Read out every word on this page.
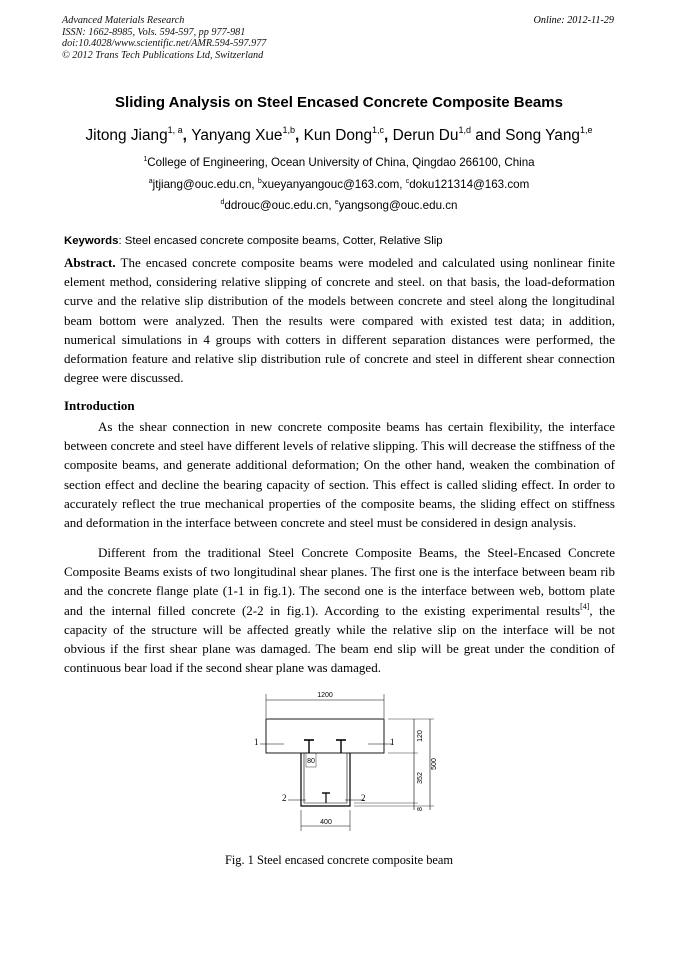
Advanced Materials Research
ISSN: 1662-8985, Vols. 594-597, pp 977-981
doi:10.4028/www.scientific.net/AMR.594-597.977
© 2012 Trans Tech Publications Ltd, Switzerland
Online: 2012-11-29
Sliding Analysis on Steel Encased Concrete Composite Beams
Jitong Jiang$^{1, a}$, Yanyang Xue$^{1,b}$, Kun Dong$^{1,c}$, Derun Du$^{1,d}$ and Song Yang$^{1,e}$
$^1$College of Engineering, Ocean University of China, Qingdao 266100, China
$^a$jtjiang@ouc.edu.cn, $^b$xueyanyangouc@163.com, $^c$doku121314@163.com
$^d$ddrouc@ouc.edu.cn, $^e$yangsong@ouc.edu.cn
Keywords: Steel encased concrete composite beams, Cotter, Relative Slip
Abstract. The encased concrete composite beams were modeled and calculated using nonlinear finite element method, considering relative slipping of concrete and steel. on that basis, the load-deformation curve and the relative slip distribution of the models between concrete and steel along the longitudinal beam bottom were analyzed. Then the results were compared with existed test data; in addition, numerical simulations in 4 groups with cotters in different separation distances were performed, the deformation feature and relative slip distribution rule of concrete and steel in different shear connection degree were discussed.
Introduction
As the shear connection in new concrete composite beams has certain flexibility, the interface between concrete and steel have different levels of relative slipping. This will decrease the stiffness of the composite beams, and generate additional deformation; On the other hand, weaken the combination of section effect and decline the bearing capacity of section. This effect is called sliding effect. In order to accurately reflect the true mechanical properties of the composite beams, the sliding effect on stiffness and deformation in the interface between concrete and steel must be considered in design analysis.
Different from the traditional Steel Concrete Composite Beams, the Steel-Encased Concrete Composite Beams exists of two longitudinal shear planes. The first one is the interface between beam rib and the concrete flange plate (1-1 in fig.1). The second one is the interface between web, bottom plate and the internal filled concrete (2-2 in fig.1). According to the existing experimental results[4], the capacity of the structure will be affected greatly while the relative slip on the interface will be not obvious if the first shear plane was damaged. The beam end slip will be great under the condition of continuous bear load if the second shear plane was damaged.
1200
1	1
80
2	2
400
120
352
8
500
Fig. 1 Steel encased concrete composite beam
